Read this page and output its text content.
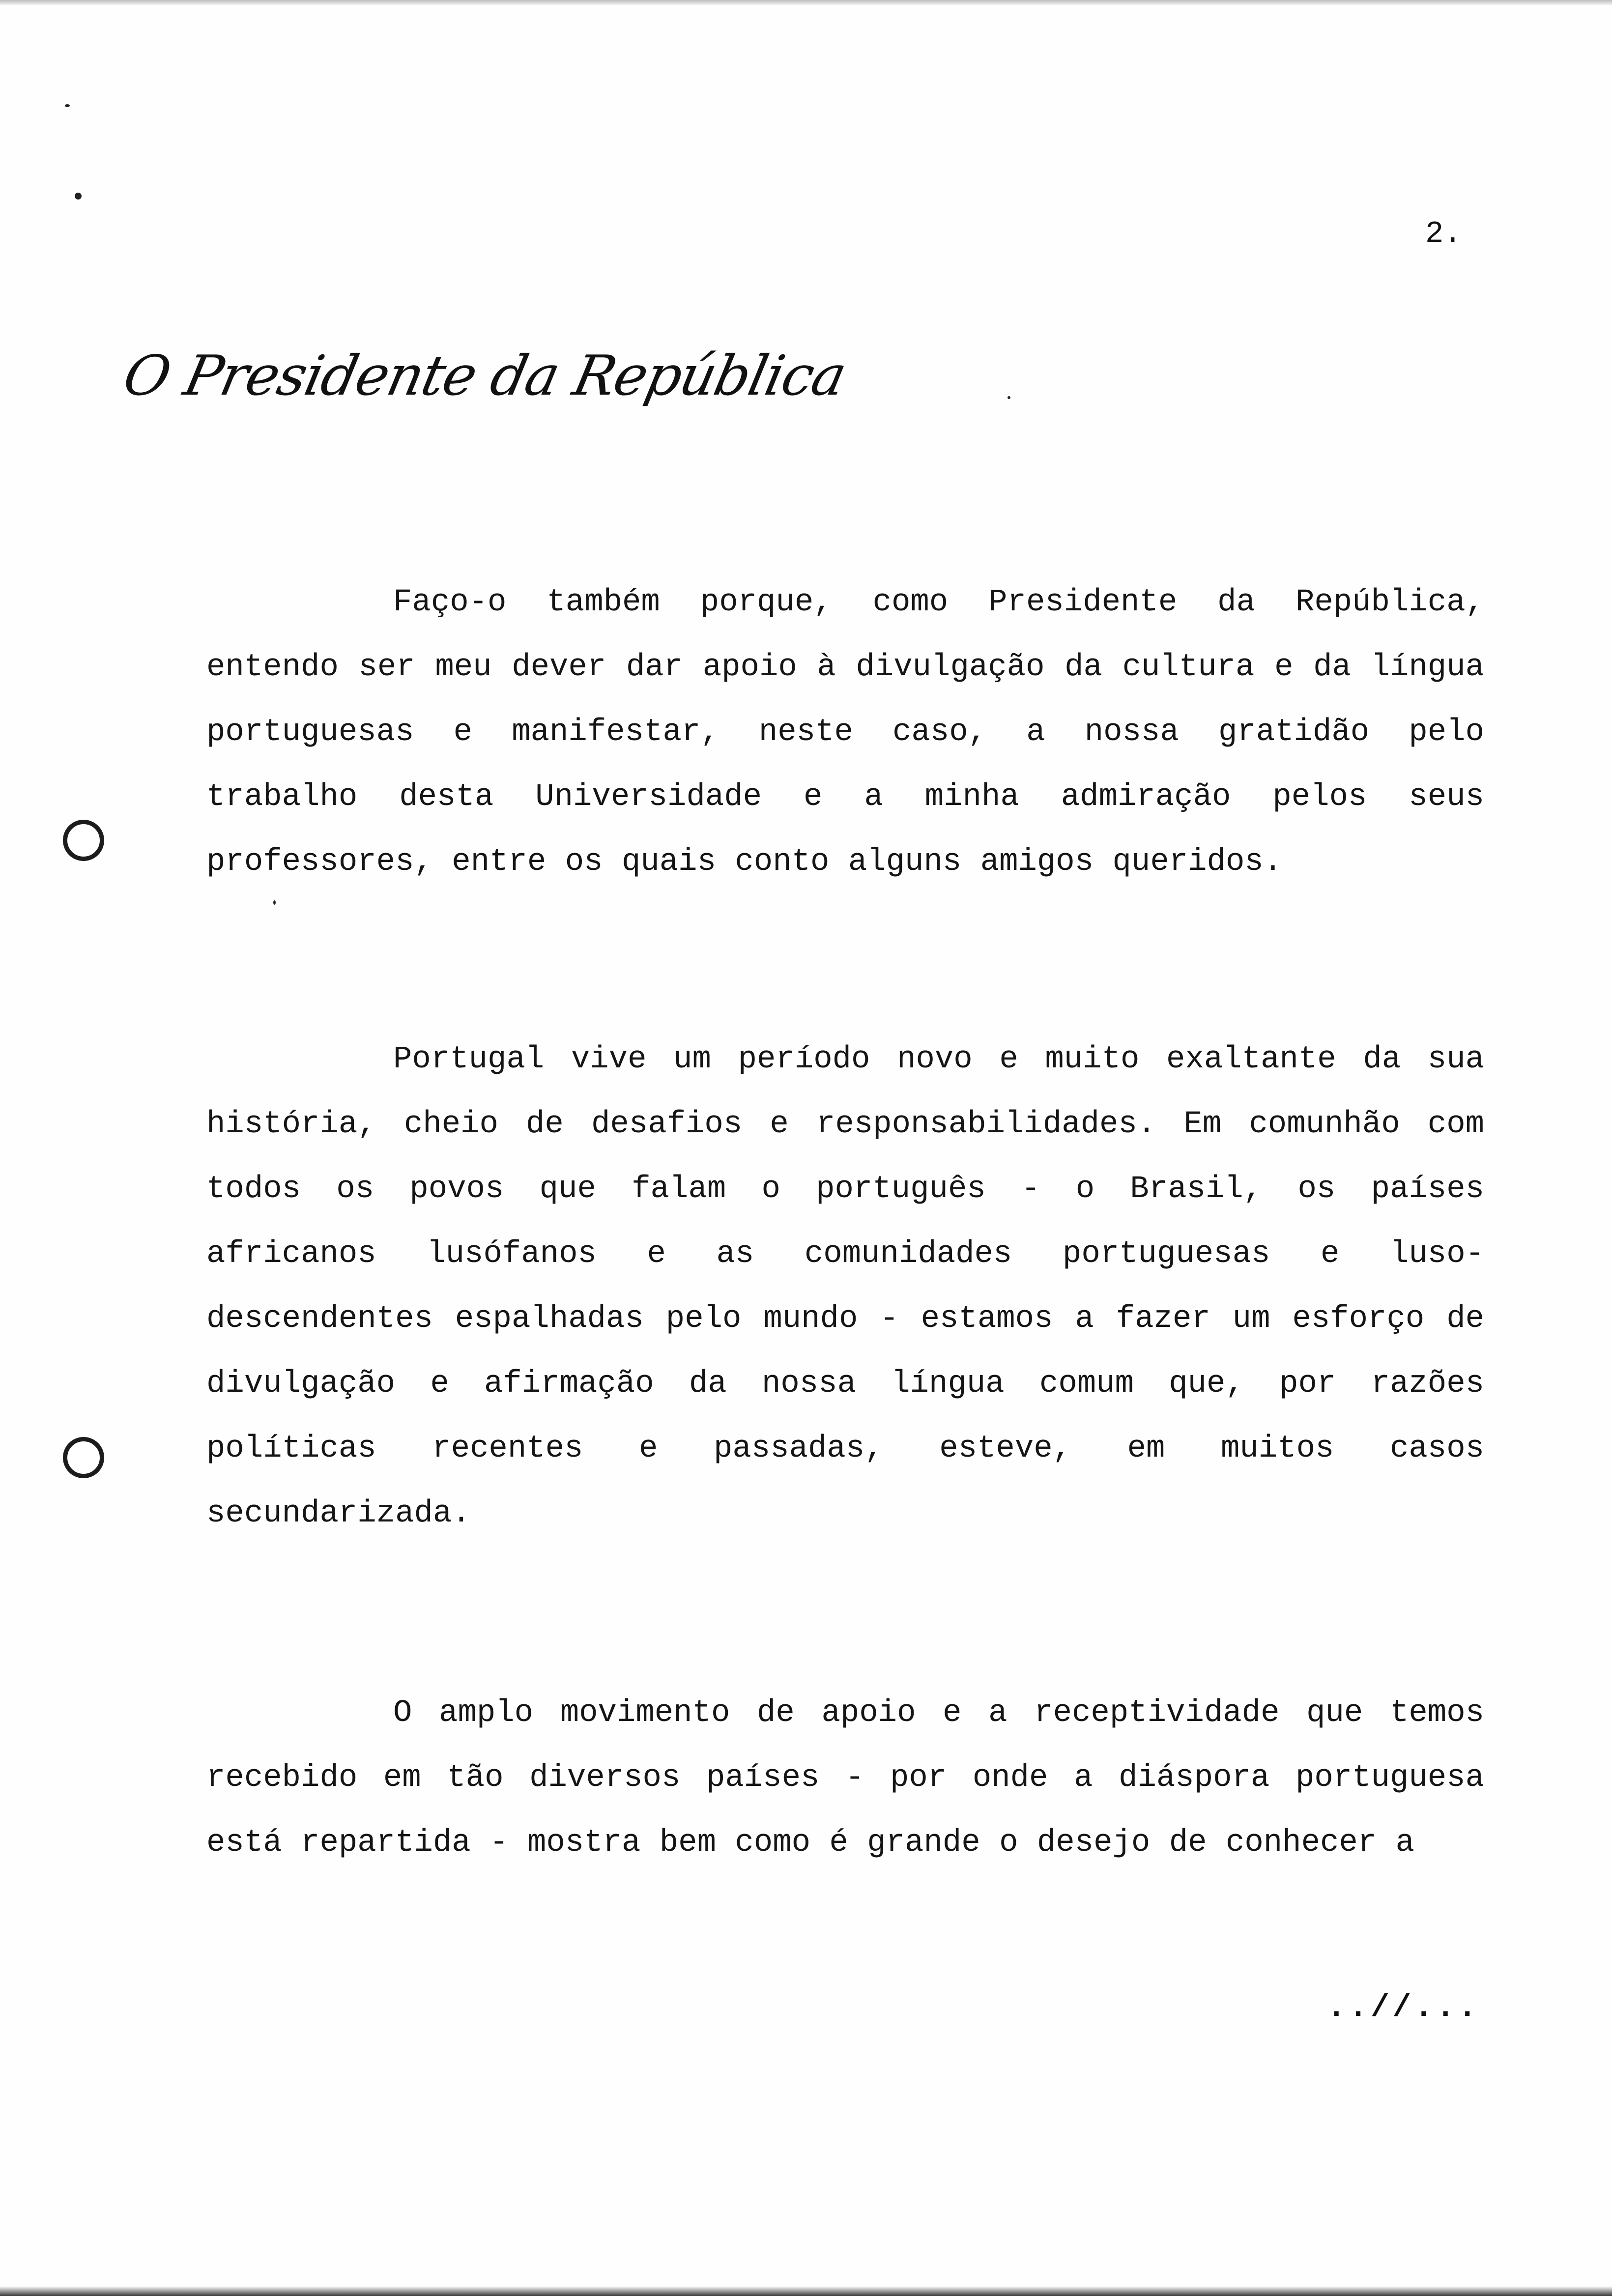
2.
O Presidente da República

Faço-o também porque, como Presidente da República, entendo ser meu dever dar apoio à divulgação da cultura e da língua portuguesas e manifestar, neste caso, a nossa gratidão pelo trabalho desta Universidade e a minha admiração pelos seus professores, entre os quais conto alguns amigos queridos.

Portugal vive um período novo e muito exaltante da sua história, cheio de desafios e responsabilidades. Em comunhão com todos os povos que falam o português - o Brasil, os países africanos lusófanos e as comunidades portuguesas e luso-descendentes espalhadas pelo mundo - estamos a fazer um esforço de divulgação e afirmação da nossa língua comum que, por razões políticas recentes e passadas, esteve, em muitos casos secundarizada.

O amplo movimento de apoio e a receptividade que temos recebido em tão diversos países - por onde a diáspora portuguesa está repartida - mostra bem como é grande o desejo de conhecer a

..//...
